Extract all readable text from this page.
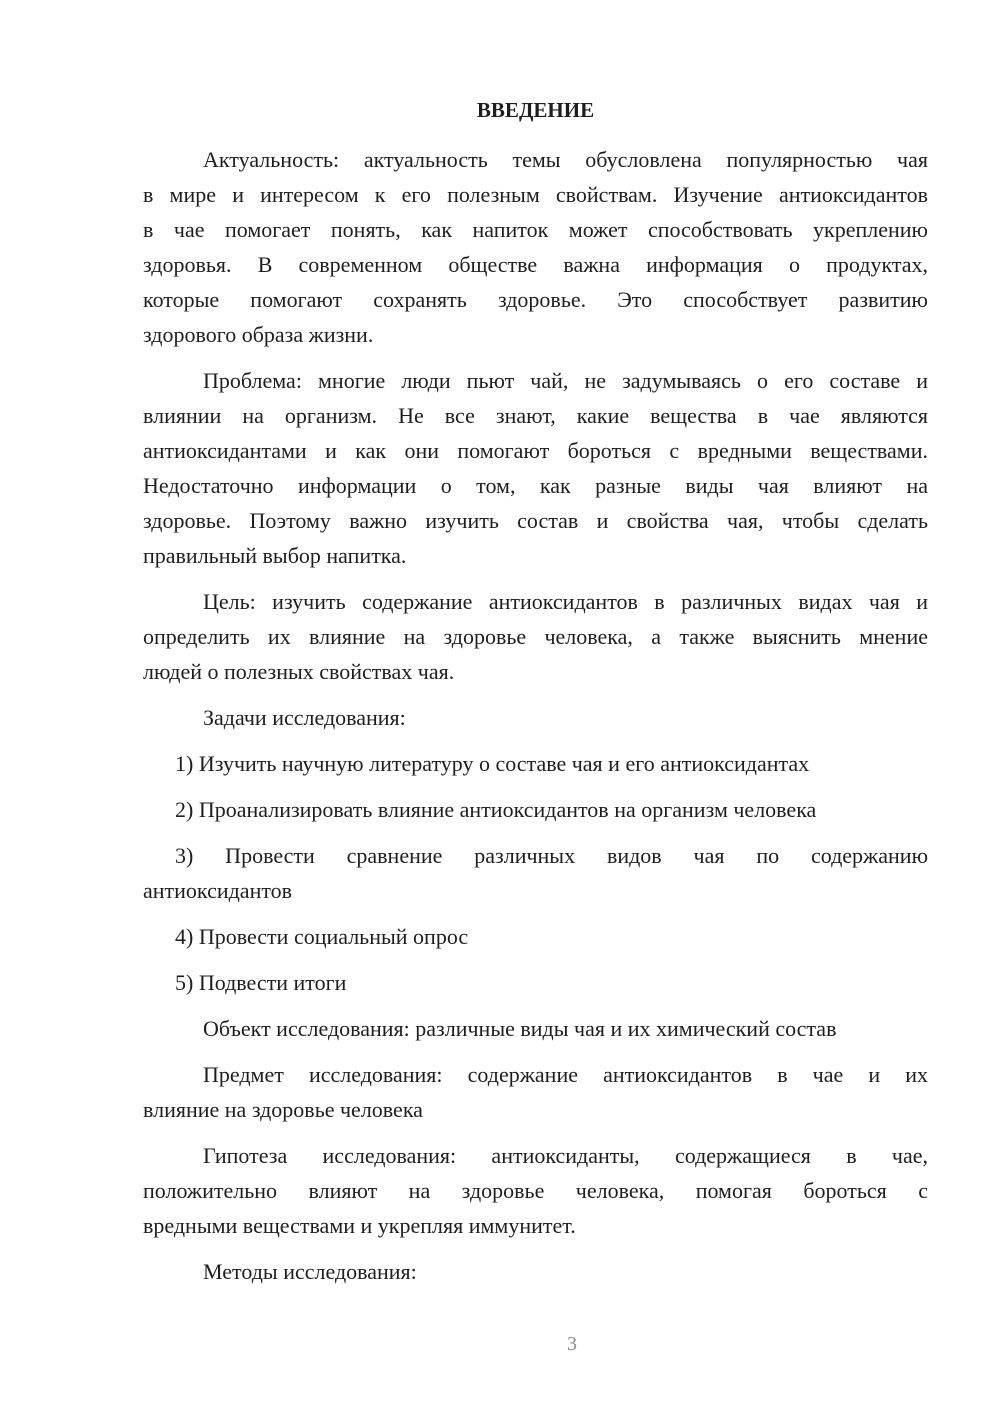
ВВЕДЕНИЕ
Актуальность: актуальность темы обусловлена популярностью чая
в мире и интересом к его полезным свойствам. Изучение антиоксидантов
в чае помогает понять, как напиток может способствовать укреплению
здоровья. В современном обществе важна информация о продуктах,
которые помогают сохранять здоровье. Это способствует развитию
здорового образа жизни.
Проблема: многие люди пьют чай, не задумываясь о его составе и
влиянии на организм. Не все знают, какие вещества в чае являются
антиоксидантами и как они помогают бороться с вредными веществами.
Недостаточно информации о том, как разные виды чая влияют на
здоровье. Поэтому важно изучить состав и свойства чая, чтобы сделать
правильный выбор напитка.
Цель: изучить содержание антиоксидантов в различных видах чая и
определить их влияние на здоровье человека, а также выяснить мнение
людей о полезных свойствах чая.
Задачи исследования:
1) Изучить научную литературу о составе чая и его антиоксидантах
2) Проанализировать влияние антиоксидантов на организм человека
3) Провести сравнение различных видов чая по содержанию
антиоксидантов
4) Провести социальный опрос
5) Подвести итоги
Объект исследования: различные виды чая и их химический состав
Предмет исследования: содержание антиоксидантов в чае и их
влияние на здоровье человека
Гипотеза исследования: антиоксиданты, содержащиеся в чае,
положительно влияют на здоровье человека, помогая бороться с
вредными веществами и укрепляя иммунитет.
Методы исследования:
3
